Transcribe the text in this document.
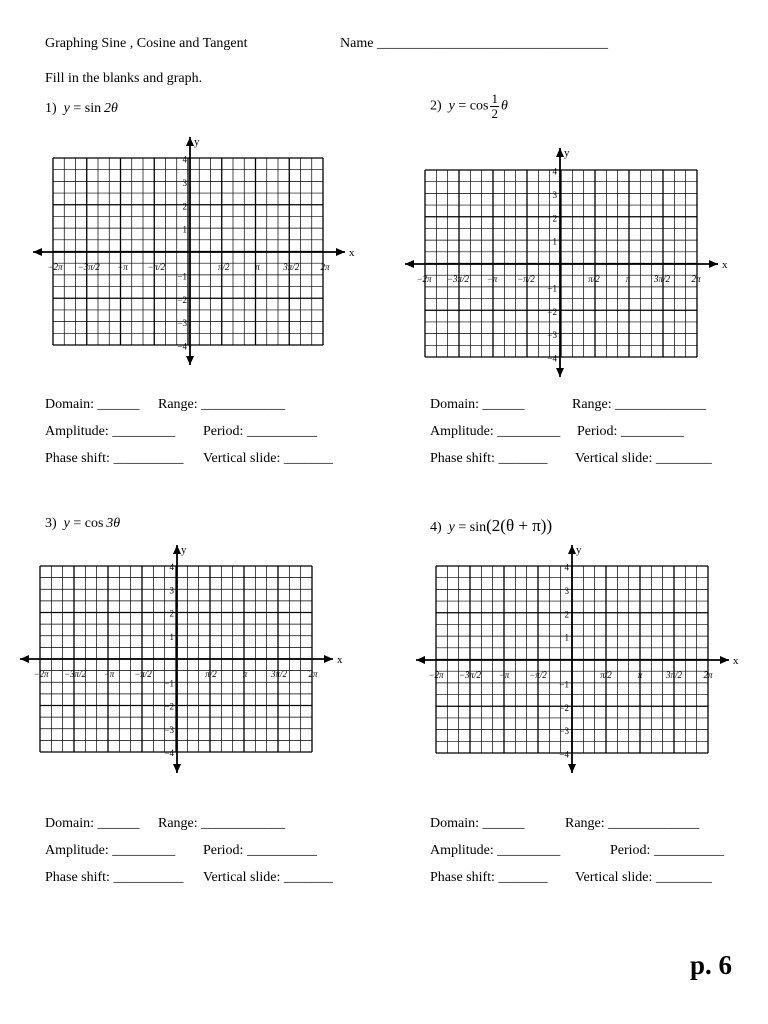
Graphing Sine , Cosine and Tangent	Name _________________________________
Fill in the blanks and graph.
1) y = sin  2θ	2) $y = \cos \frac{1}{2}$ θ
3) y = cos  3θ	4) y = sin(2(θ + π))
x
y
−2π −3π/2 −π −π/2	π/2	π	3π/2 2π
4
3
2
1
−1
−2
−3
−4
x
y
−2π −3π/2 −π −π/2	π/2	π	3π/2 2π
4
3
2
1
−1
−2
−3
−4
x
y
−2π −3π/2 −π −π/2	π/2	π	3π/2 2π
4
3
2
1
−1
−2
−3
−4
x
y
−2π −3π/2 −π −π/2	π/2	π	3π/2 2π
4
3
2
1
−1
−2
−3
−4
Domain: ______ Range: ____________
Amplitude: _________ Period: __________
Phase shift: __________ Vertical slide: _______
Domain: ______	Range: _____________
Amplitude: _________ Period: _________
Phase shift: _______ Vertical slide: ________
Domain: ______ Range: ____________
Amplitude: _________ Period: __________
Phase shift: __________ Vertical slide: _______
Domain: ______	Range: _____________
Amplitude: _________	Period: __________
Phase shift: _______ Vertical slide: ________
p. 6
